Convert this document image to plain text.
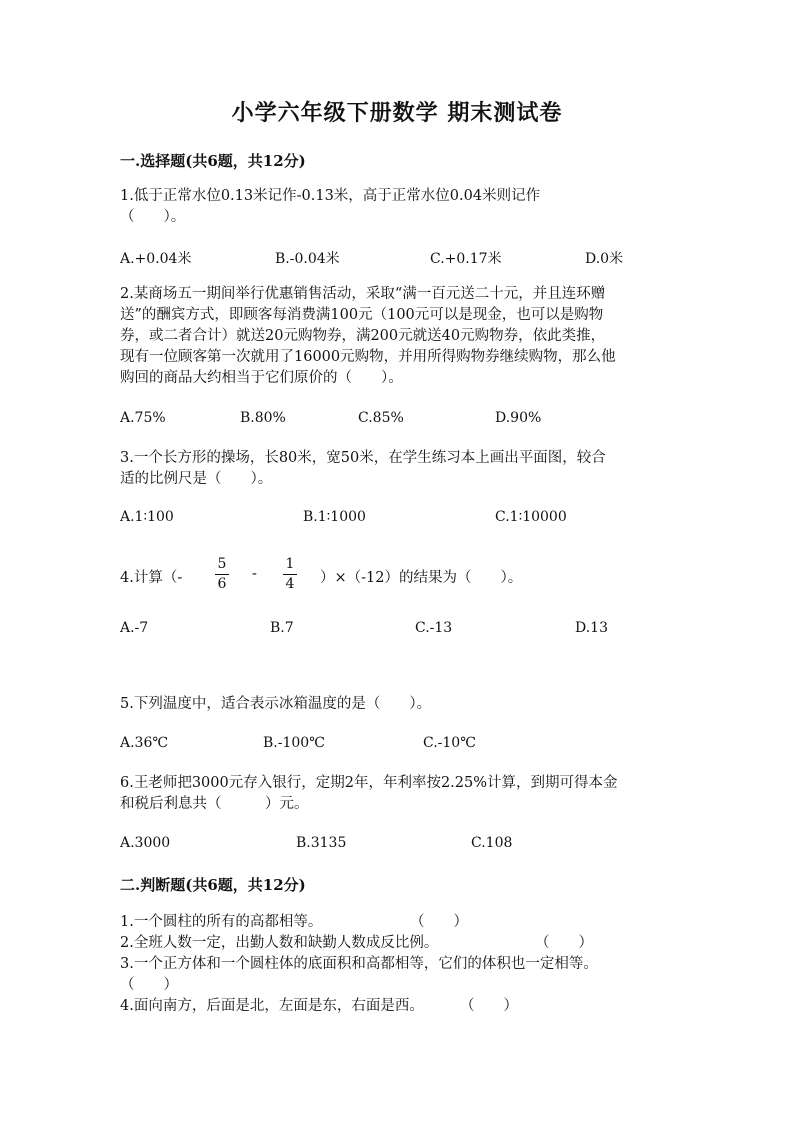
小学六年级下册数学 期末测试卷
一.选择题(共6题，共12分)
1.低于正常水位0.13米记作-0.13米，高于正常水位0.04米则记作
（　　）。
A.+0.04米	B.-0.04米	C.+0.17米	D.0米
2.某商场五一期间举行优惠销售活动，采取“满一百元送二十元，并且连环赠
送”的酬宾方式，即顾客每消费满100元（100元可以是现金，也可以是购物
券，或二者合计）就送20元购物券，满200元就送40元购物券，依此类推，
现有一位顾客第一次就用了16000元购物，并用所得购物券继续购物，那么他
购回的商品大约相当于它们原价的（　　）。
A.75%	B.80%	C.85%	D.90%
3.一个长方形的操场，长80米，宽50米，在学生练习本上画出平面图，较合
适的比例尺是（　　）。
A.1∶100	B.1∶1000	C.1∶10000
4.计算（-
5
6
-
1
4 ）×（-12）的结果为（　　）。
A.-7	B.7	C.-13	D.13
5.下列温度中，适合表示冰箱温度的是（　　）。
A.36℃	B.-100℃	C.-10℃
6.王老师把3000元存入银行，定期2年，年利率按2.25%计算，到期可得本金
和税后利息共（　　　）元。
A.3000	B.3135	C.108
二.判断题(共6题，共12分)
1.一个圆柱的所有的高都相等。	（　　）
2.全班人数一定，出勤人数和缺勤人数成反比例。	（　　）
3.一个正方体和一个圆柱体的底面积和高都相等，它们的体积也一定相等。
（　　）
4.面向南方，后面是北，左面是东，右面是西。 （　　）
